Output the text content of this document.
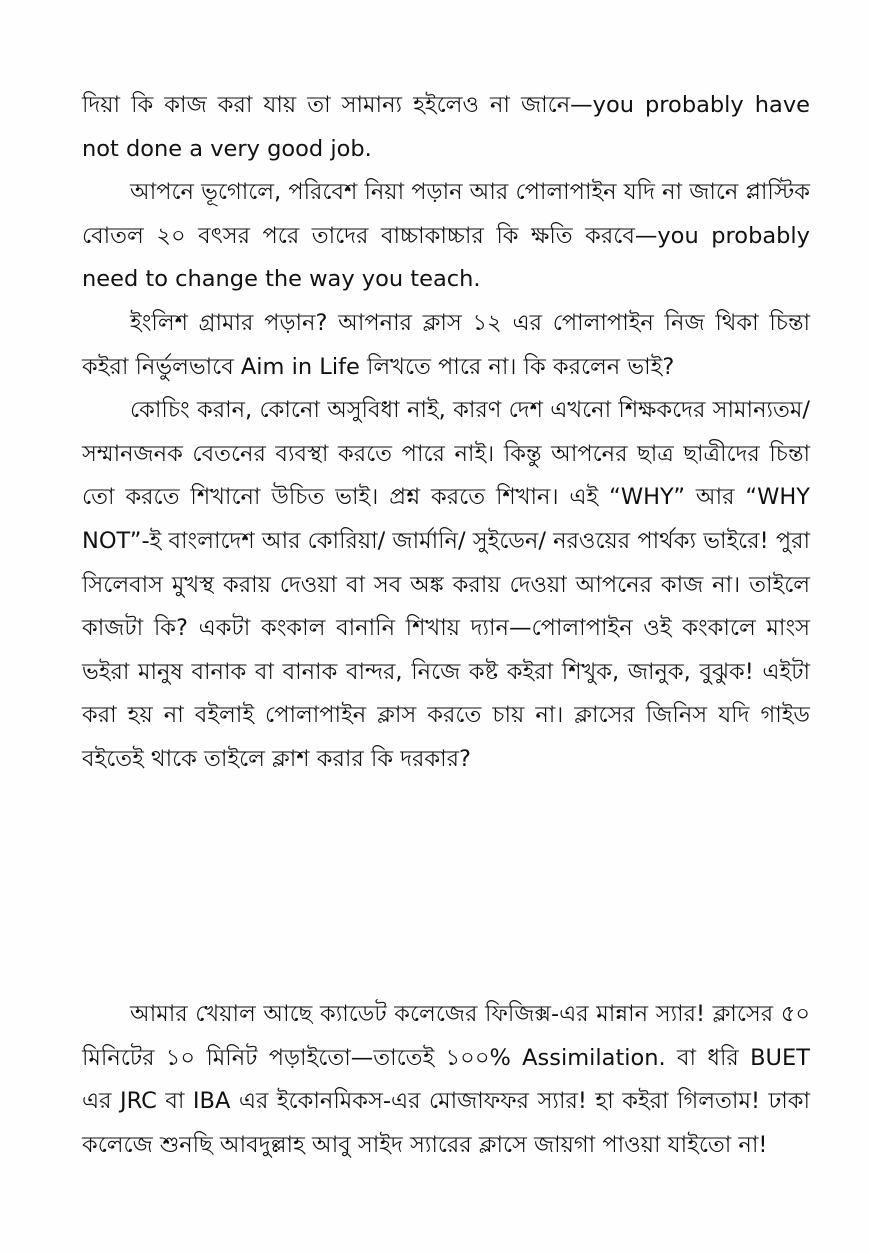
দিয়া কি কাজ করা যায় তা সামান্য হইলেও না জানে—you probably have not done a very good job.

আপনে ভূগোলে, পরিবেশ নিয়া পড়ান আর পোলাপাইন যদি না জানে প্লাস্টিক বোতল ২০ বৎসর পরে তাদের বাচ্চাকাচ্চার কি ক্ষতি করবে—you probably need to change the way you teach.

ইংলিশ গ্রামার পড়ান? আপনার ক্লাস ১২ এর পোলাপাইন নিজ থিকা চিন্তা কইরা নির্ভুলভাবে Aim in Life লিখতে পারে না। কি করলেন ভাই?

কোচিং করান, কোনো অসুবিধা নাই, কারণ দেশ এখনো শিক্ষকদের সামান্যতম/ সম্মানজনক বেতনের ব্যবস্থা করতে পারে নাই। কিন্তু আপনের ছাত্র ছাত্রীদের চিন্তা তো করতে শিখানো উচিত ভাই। প্রশ্ন করতে শিখান। এই “WHY” আর “WHY NOT”-ই বাংলাদেশ আর কোরিয়া/ জার্মানি/ সুইডেন/ নরওয়ের পার্থক্য ভাইরে! পুরা সিলেবাস মুখস্থ করায় দেওয়া বা সব অঙ্ক করায় দেওয়া আপনের কাজ না। তাইলে কাজটা কি? একটা কংকাল বানানি শিখায় দ্যান—পোলাপাইন ওই কংকালে মাংস ভইরা মানুষ বানাক বা বানাক বান্দর, নিজে কষ্ট কইরা শিখুক, জানুক, বুঝুক! এইটা করা হয় না বইলাই পোলাপাইন ক্লাস করতে চায় না। ক্লাসের জিনিস যদি গাইড বইতেই থাকে তাইলে ক্লাশ করার কি দরকার?

আমার খেয়াল আছে ক্যাডেট কলেজের ফিজিক্স-এর মান্নান স্যার! ক্লাসের ৫০ মিনিটের ১০ মিনিট পড়াইতো—তাতেই ১০০% Assimilation. বা ধরি BUET এর JRC বা IBA এর ইকোনমিকস-এর মোজাফফর স্যার! হা কইরা গিলতাম! ঢাকা কলেজে শুনছি আবদুল্লাহ আবু সাইদ স্যারের ক্লাসে জায়গা পাওয়া যাইতো না!
